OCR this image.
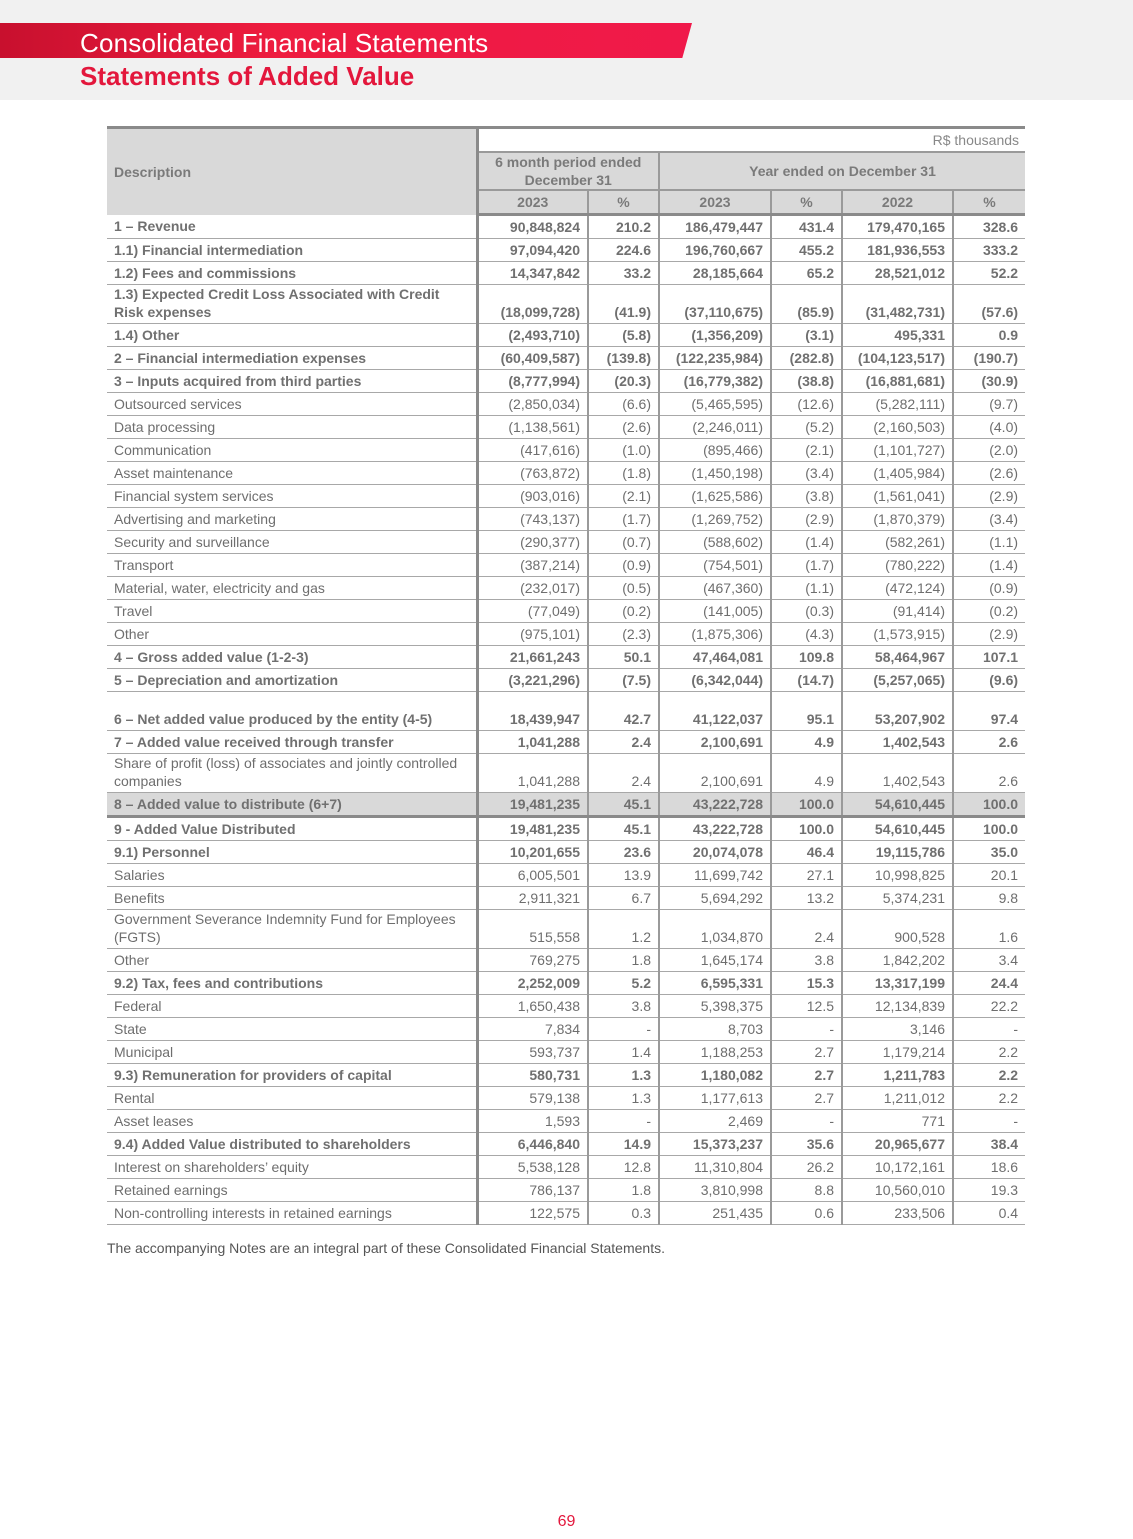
Consolidated Financial Statements
Statements of Added Value
Description	R$ thousands					
	6 month period ended December 31		Year ended on December 31			
	2023	%	2023	%	2022	%
1 – Revenue	90,848,824	210.2	186,479,447	431.4	179,470,165	328.6
1.1) Financial intermediation	97,094,420	224.6	196,760,667	455.2	181,936,553	333.2
1.2) Fees and commissions	14,347,842	33.2	28,185,664	65.2	28,521,012	52.2
1.3) Expected Credit Loss Associated with Credit Risk expenses	(18,099,728)	(41.9)	(37,110,675)	(85.9)	(31,482,731)	(57.6)
1.4) Other	(2,493,710)	(5.8)	(1,356,209)	(3.1)	495,331	0.9
2 – Financial intermediation expenses	(60,409,587)	(139.8)	(122,235,984)	(282.8)	(104,123,517)	(190.7)
3 – Inputs acquired from third parties	(8,777,994)	(20.3)	(16,779,382)	(38.8)	(16,881,681)	(30.9)
Outsourced services	(2,850,034)	(6.6)	(5,465,595)	(12.6)	(5,282,111)	(9.7)
Data processing	(1,138,561)	(2.6)	(2,246,011)	(5.2)	(2,160,503)	(4.0)
Communication	(417,616)	(1.0)	(895,466)	(2.1)	(1,101,727)	(2.0)
Asset maintenance	(763,872)	(1.8)	(1,450,198)	(3.4)	(1,405,984)	(2.6)
Financial system services	(903,016)	(2.1)	(1,625,586)	(3.8)	(1,561,041)	(2.9)
Advertising and marketing	(743,137)	(1.7)	(1,269,752)	(2.9)	(1,870,379)	(3.4)
Security and surveillance	(290,377)	(0.7)	(588,602)	(1.4)	(582,261)	(1.1)
Transport	(387,214)	(0.9)	(754,501)	(1.7)	(780,222)	(1.4)
Material, water, electricity and gas	(232,017)	(0.5)	(467,360)	(1.1)	(472,124)	(0.9)
Travel	(77,049)	(0.2)	(141,005)	(0.3)	(91,414)	(0.2)
Other	(975,101)	(2.3)	(1,875,306)	(4.3)	(1,573,915)	(2.9)
4 – Gross added value (1-2-3)	21,661,243	50.1	47,464,081	109.8	58,464,967	107.1
5 – Depreciation and amortization	(3,221,296)	(7.5)	(6,342,044)	(14.7)	(5,257,065)	(9.6)
6 – Net added value produced by the entity (4-5)	18,439,947	42.7	41,122,037	95.1	53,207,902	97.4
7 – Added value received through transfer	1,041,288	2.4	2,100,691	4.9	1,402,543	2.6
Share of profit (loss) of associates and jointly controlled companies	1,041,288	2.4	2,100,691	4.9	1,402,543	2.6
8 – Added value to distribute (6+7)	19,481,235	45.1	43,222,728	100.0	54,610,445	100.0
9 - Added Value Distributed	19,481,235	45.1	43,222,728	100.0	54,610,445	100.0
9.1) Personnel	10,201,655	23.6	20,074,078	46.4	19,115,786	35.0
Salaries	6,005,501	13.9	11,699,742	27.1	10,998,825	20.1
Benefits	2,911,321	6.7	5,694,292	13.2	5,374,231	9.8
Government Severance Indemnity Fund for Employees (FGTS)	515,558	1.2	1,034,870	2.4	900,528	1.6
Other	769,275	1.8	1,645,174	3.8	1,842,202	3.4
9.2) Tax, fees and contributions	2,252,009	5.2	6,595,331	15.3	13,317,199	24.4
Federal	1,650,438	3.8	5,398,375	12.5	12,134,839	22.2
State	7,834	-	8,703	-	3,146	-
Municipal	593,737	1.4	1,188,253	2.7	1,179,214	2.2
9.3) Remuneration for providers of capital	580,731	1.3	1,180,082	2.7	1,211,783	2.2
Rental	579,138	1.3	1,177,613	2.7	1,211,012	2.2
Asset leases	1,593	-	2,469	-	771	-
9.4) Added Value distributed to shareholders	6,446,840	14.9	15,373,237	35.6	20,965,677	38.4
Interest on shareholders’ equity	5,538,128	12.8	11,310,804	26.2	10,172,161	18.6
Retained earnings	786,137	1.8	3,810,998	8.8	10,560,010	19.3
Non-controlling interests in retained earnings	122,575	0.3	251,435	0.6	233,506	0.4
The accompanying Notes are an integral part of these Consolidated Financial Statements.
69
